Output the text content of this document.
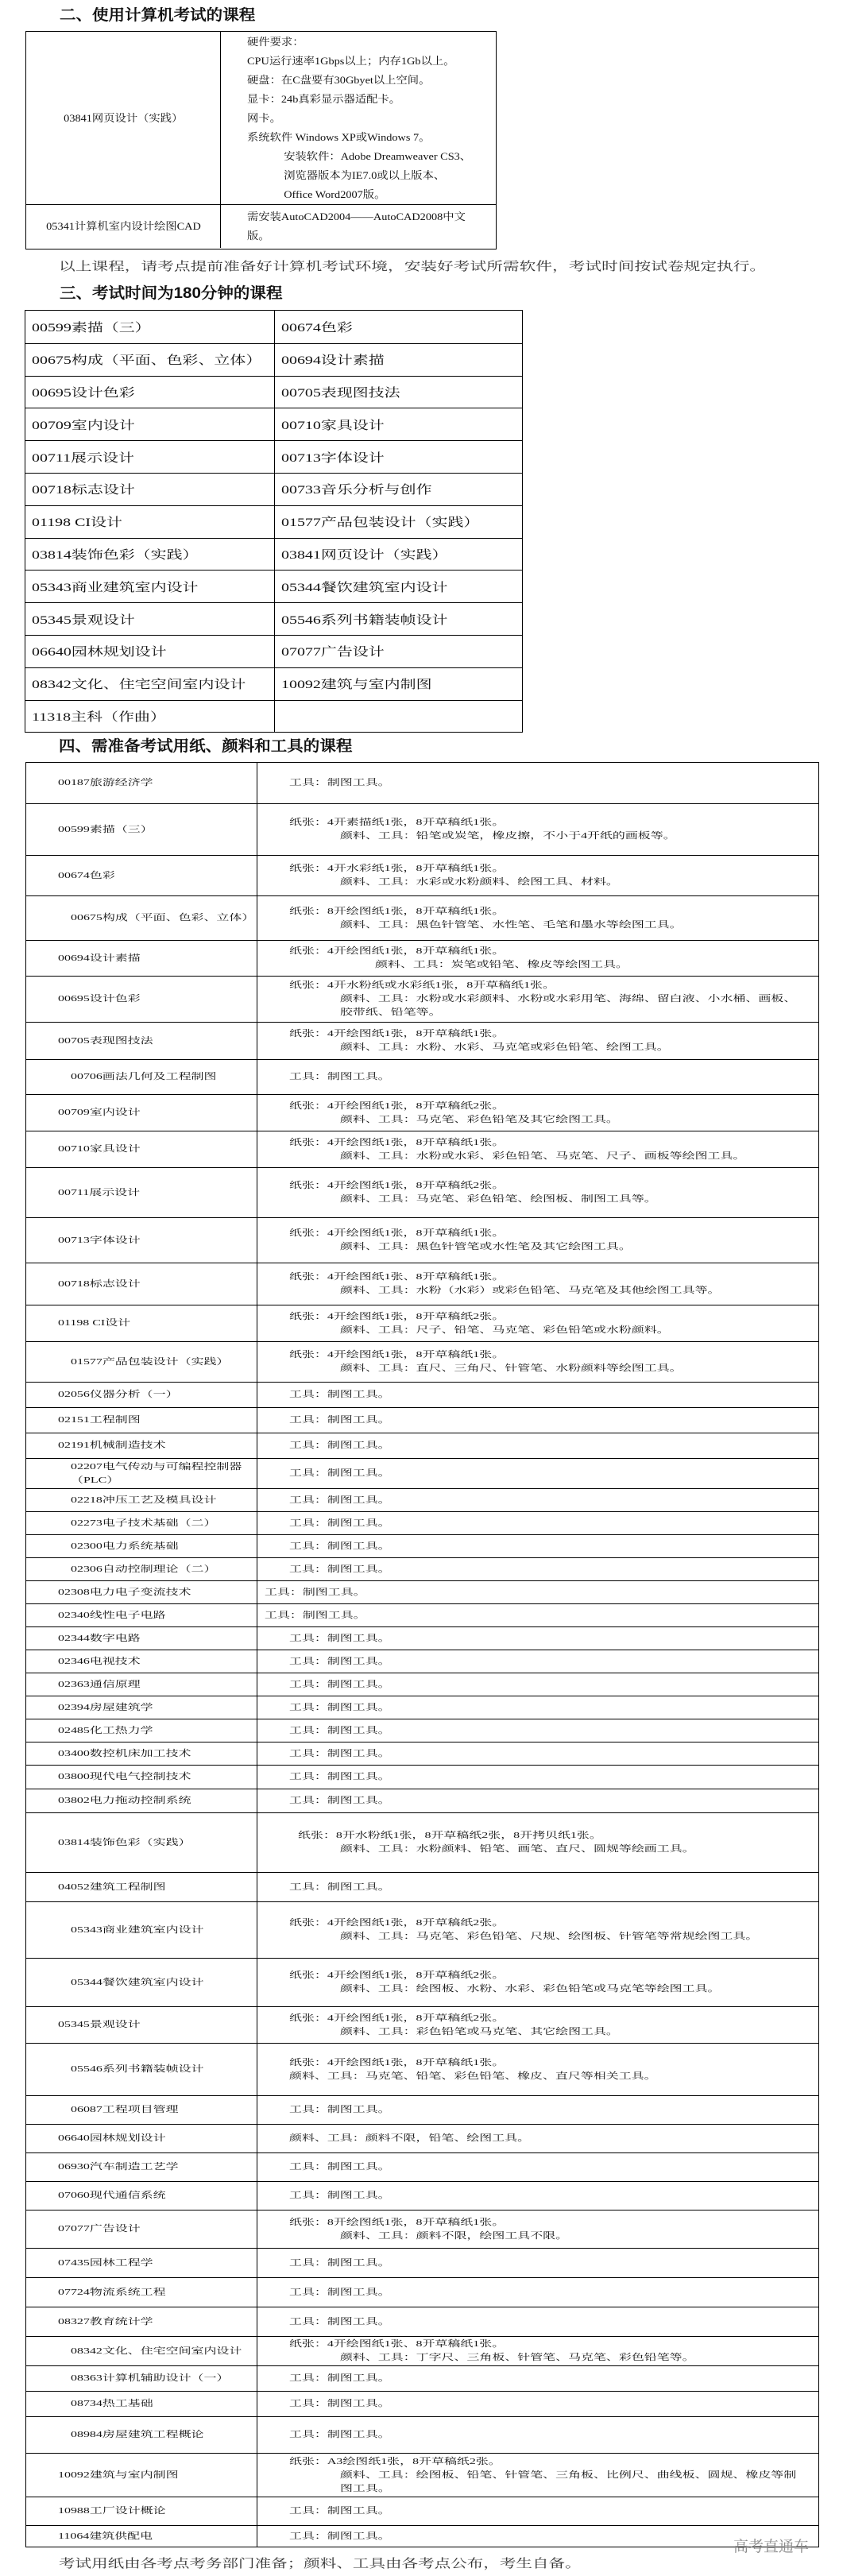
二、使用计算机考试的课程
03841网页设计（实践）
硬件要求：
CPU运行速率1Gbps以上；内存1Gb以上。
硬盘：在C盘要有30Gbyet以上空间。
显卡：24b真彩显示器适配卡。
网卡。
系统软件 Windows XP或Windows 7。
安装软件：Adobe Dreamweaver CS3、
浏览器版本为IE7.0或以上版本、
Office Word2007版。
05341计算机室内设计绘图CAD
需安装AutoCAD2004——AutoCAD2008中文版。
以上课程，请考点提前准备好计算机考试环境，安装好考试所需软件，考试时间按试卷规定执行。
三、考试时间为180分钟的课程
00599素描（三）	00674色彩
00675构成（平面、色彩、立体） 00694设计素描
00695设计色彩	00705表现图技法
00709室内设计	00710家具设计
00711展示设计	00713字体设计
00718标志设计	00733音乐分析与创作
01198 CI设计	01577产品包装设计（实践）
03814装饰色彩（实践）	03841网页设计（实践）
05343商业建筑室内设计	05344餐饮建筑室内设计
05345景观设计	05546系列书籍装帧设计
06640园林规划设计	07077广告设计
08342文化、住宅空间室内设计	10092建筑与室内制图
11318主科（作曲）
四、需准备考试用纸、颜料和工具的课程
00187旅游经济学	工具：制图工具。
00599素描（三）
纸张：4开素描纸1张，8开草稿纸1张。
颜料、工具：铅笔或炭笔，橡皮擦，不小于4开纸的画板等。
00674色彩
纸张：4开水彩纸1张，8开草稿纸1张。
颜料、工具：水彩或水粉颜料、绘图工具、材料。
00675构成（平面、色彩、立体）
纸张：8开绘图纸1张，8开草稿纸1张。
颜料、工具：黑色针管笔、水性笔、毛笔和墨水等绘图工具。
00694设计素描
纸张：4开绘图纸1张，8开草稿纸1张。
颜料、工具：炭笔或铅笔、橡皮等绘图工具。
00695设计色彩
纸张：4开水粉纸或水彩纸1张，8开草稿纸1张。
颜料、工具：水粉或水彩颜料、水粉或水彩用笔、海绵、留白液、小水桶、画板、胶带纸、铅笔等。
00705表现图技法
纸张：4开绘图纸1张，8开草稿纸1张。
颜料、工具：水粉、水彩、马克笔或彩色铅笔、绘图工具。
00706画法几何及工程制图	工具：制图工具。
00709室内设计
纸张：4开绘图纸1张，8开草稿纸2张。
颜料、工具：马克笔、彩色铅笔及其它绘图工具。
00710家具设计
纸张：4开绘图纸1张，8开草稿纸1张。
颜料、工具：水粉或水彩、彩色铅笔、马克笔、尺子、画板等绘图工具。
00711展示设计
纸张：4开绘图纸1张，8开草稿纸2张。
颜料、工具：马克笔、彩色铅笔、绘图板、制图工具等。
00713字体设计
纸张：4开绘图纸1张，8开草稿纸1张。
颜料、工具：黑色针管笔或水性笔及其它绘图工具。
00718标志设计
纸张：4开绘图纸1张、8开草稿纸1张。
颜料、工具：水粉（水彩）或彩色铅笔、马克笔及其他绘图工具等。
01198 CI设计
纸张：4开绘图纸1张，8开草稿纸2张。
颜料、工具：尺子、铅笔、马克笔、彩色铅笔或水粉颜料。
01577产品包装设计（实践）
纸张：4开绘图纸1张，8开草稿纸1张。
颜料、工具：直尺、三角尺、针管笔、水粉颜料等绘图工具。
02056仪器分析（一）	工具：制图工具。
02151工程制图	工具：制图工具。
02191机械制造技术	工具：制图工具。
02207电气传动与可编程控制器（PLC）
工具：制图工具。
02218冲压工艺及模具设计	工具：制图工具。
02273电子技术基础（二）	工具：制图工具。
02300电力系统基础	工具：制图工具。
02306自动控制理论（二）	工具：制图工具。
02308电力电子变流技术	工具：制图工具。
02340线性电子电路	工具：制图工具。
02344数字电路	工具：制图工具。
02346电视技术	工具：制图工具。
02363通信原理	工具：制图工具。
02394房屋建筑学	工具：制图工具。
02485化工热力学	工具：制图工具。
03400数控机床加工技术	工具：制图工具。
03800现代电气控制技术	工具：制图工具。
03802电力拖动控制系统	工具：制图工具。
03814装饰色彩（实践）
纸张：8开水粉纸1张，8开草稿纸2张，8开拷贝纸1张。
颜料、工具：水粉颜料、铅笔、画笔、直尺、圆规等绘画工具。
04052建筑工程制图	工具：制图工具。
05343商业建筑室内设计
纸张：4开绘图纸1张，8开草稿纸2张。
颜料、工具：马克笔、彩色铅笔、尺规、绘图板、针管笔等常规绘图工具。
05344餐饮建筑室内设计
纸张：4开绘图纸1张，8开草稿纸2张。
颜料、工具：绘图板、水粉、水彩、彩色铅笔或马克笔等绘图工具。
05345景观设计
纸张：4开绘图纸1张，8开草稿纸2张。
颜料、工具：彩色铅笔或马克笔、其它绘图工具。
05546系列书籍装帧设计
纸张：4开绘图纸1张，8开草稿纸1张。
颜料、工具：马克笔、铅笔、彩色铅笔、橡皮、直尺等相关工具。
06087工程项目管理	工具：制图工具。
06640园林规划设计	颜料、工具：颜料不限，铅笔、绘图工具。
06930汽车制造工艺学	工具：制图工具。
07060现代通信系统	工具：制图工具。
07077广告设计
纸张：8开绘图纸1张，8开草稿纸1张。
颜料、工具：颜料不限，绘图工具不限。
07435园林工程学	工具：制图工具。
07724物流系统工程	工具：制图工具。
08327教育统计学	工具：制图工具。
08342文化、住宅空间室内设计
纸张：4开绘图纸1张、8开草稿纸1张。
颜料、工具：丁字尺、三角板、针管笔、马克笔、彩色铅笔等。
08363计算机辅助设计（一）	工具：制图工具。
08734热工基础	工具：制图工具。
08984房屋建筑工程概论	工具：制图工具。
10092建筑与室内制图
纸张：A3绘图纸1张，8开草稿纸2张。
颜料、工具：绘图板、铅笔、针管笔、三角板、比例尺、曲线板、圆规、橡皮等制图工具。
10988工厂设计概论	工具：制图工具。
11064建筑供配电	工具：制图工具。
高考直通车
考试用纸由各考点考务部门准备；颜料、工具由各考点公布，考生自备。
